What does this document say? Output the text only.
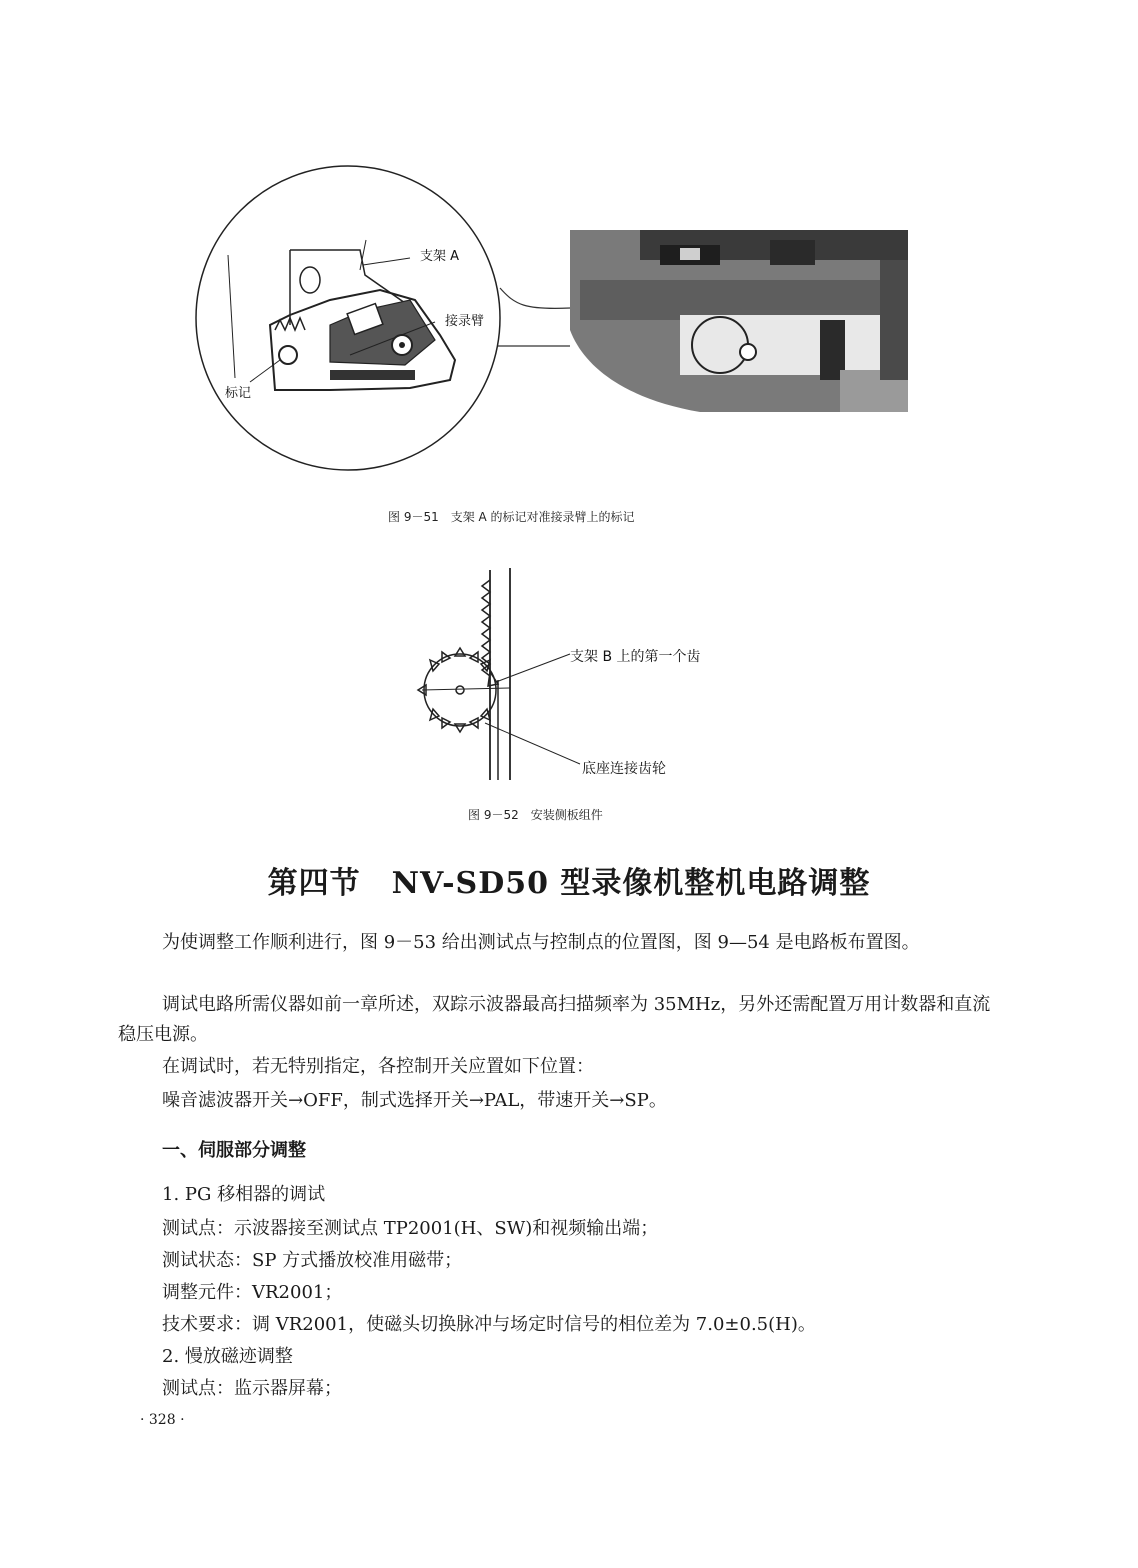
支架 A
接录臂
标记
图 9－51　支架 A 的标记对准接录臂上的标记
支架 B 上的第一个齿
底座连接齿轮
图 9－52　安装侧板组件
第四节　NV-SD50 型录像机整机电路调整
为使调整工作顺利进行，图 9－53 给出测试点与控制点的位置图，图 9—54 是电路板布置图。
调试电路所需仪器如前一章所述，双踪示波器最高扫描频率为 35MHz，另外还需配置万用计数器和直流稳压电源。
在调试时，若无特别指定，各控制开关应置如下位置：
噪音滤波器开关→OFF，制式选择开关→PAL，带速开关→SP。
一、伺服部分调整
1. PG 移相器的调试
测试点：示波器接至测试点 TP2001(H、SW)和视频输出端；
测试状态：SP 方式播放校准用磁带；
调整元件：VR2001；
技术要求：调 VR2001，使磁头切换脉冲与场定时信号的相位差为 7.0±0.5(H)。
2. 慢放磁迹调整
测试点：监示器屏幕；
· 328 ·
